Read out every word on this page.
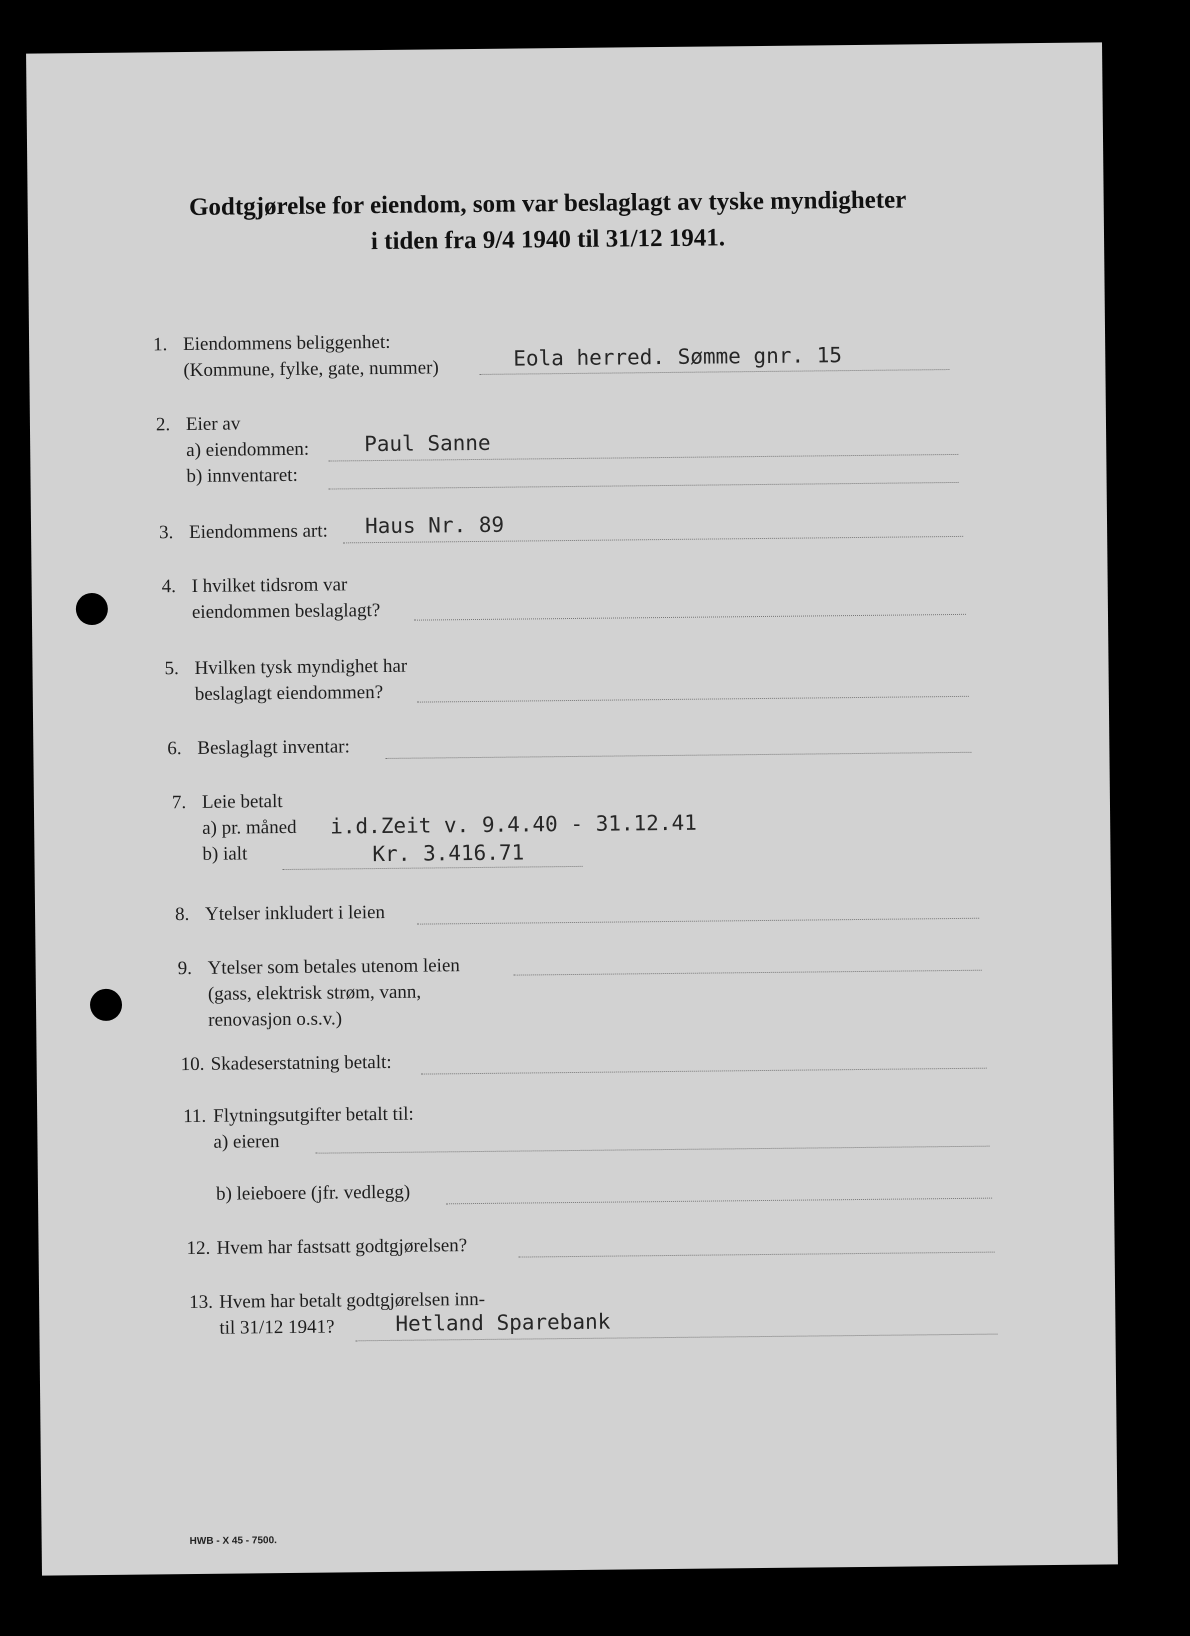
Godtgjørelse for eiendom, som var beslaglagt av tyske myndigheter
i tiden fra 9/4 1940 til 31/12 1941.
1. Eiendommens beliggenhet:
(Kommune, fylke, gate, nummer)	Eola herred. Sømme gnr. 15
2. Eier av
a) eiendommen:
b) innventaret:
Paul Sanne
3. Eiendommens art: Haus Nr. 89
4. I hvilket tidsrom var
eiendommen beslaglagt?
5. Hvilken tysk myndighet har
beslaglagt eiendommen?
6. Beslaglagt inventar:
7. Leie betalt
a) pr. måned
b) ialt
i.d.Zeit v. 9.4.40 - 31.12.41
Kr. 3.416.71
8. Ytelser inkludert i leien
9. Ytelser som betales utenom leien
(gass, elektrisk strøm, vann,
renovasjon o.s.v.)
10. Skadeserstatning betalt:
11. Flytningsutgifter betalt til:
a) eieren
b) leieboere (jfr. vedlegg)
12. Hvem har fastsatt godtgjørelsen?
13. Hvem har betalt godtgjørelsen inn-
til 31/12 1941?	Hetland Sparebank
HWB - X 45 - 7500.
